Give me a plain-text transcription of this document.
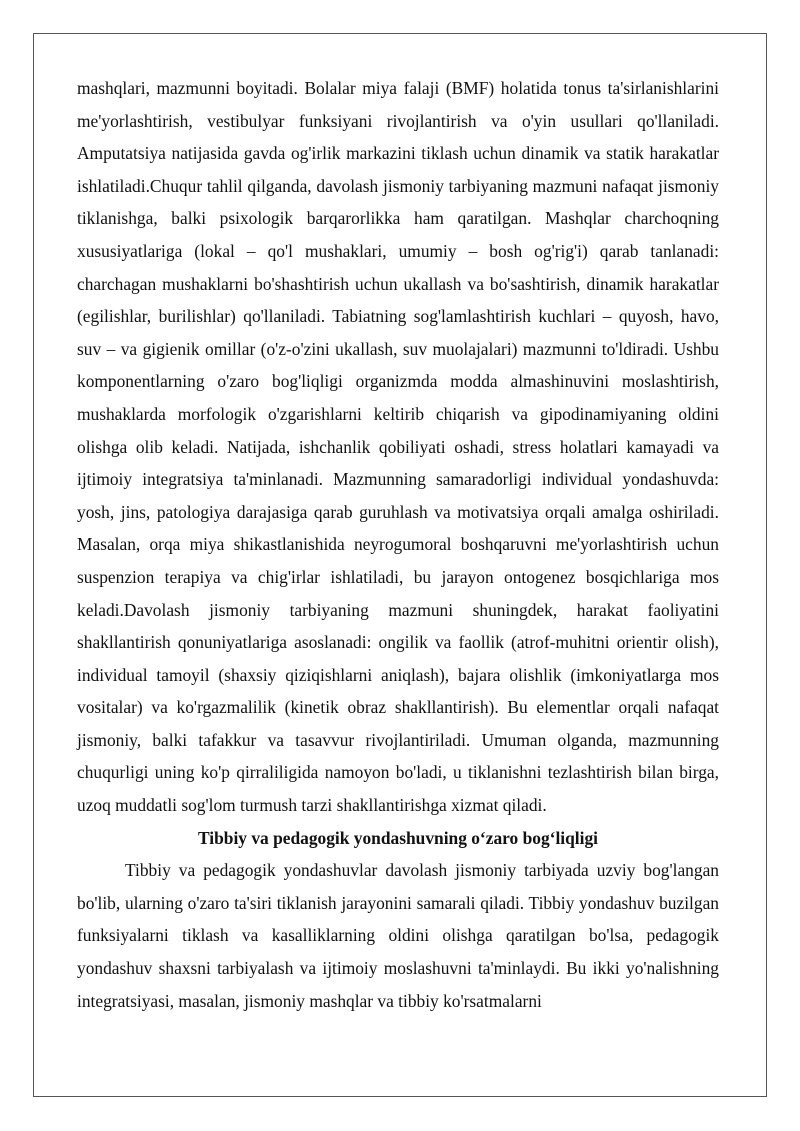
mashqlari, mazmunni boyitadi. Bolalar miya falaji (BMF) holatida tonus ta'sirlanishlarini me'yorlashtirish, vestibulyar funksiyani rivojlantirish va o'yin usullari qo'llaniladi. Amputatsiya natijasida gavda og'irlik markazini tiklash uchun dinamik va statik harakatlar ishlatiladi.Chuqur tahlil qilganda, davolash jismoniy tarbiyaning mazmuni nafaqat jismoniy tiklanishga, balki psixologik barqarorlikka ham qaratilgan. Mashqlar charchoqning xususiyatlariga (lokal – qo'l mushaklari, umumiy – bosh og'rig'i) qarab tanlanadi: charchagan mushaklarni bo'shashtirish uchun ukallash va bo'sashtirish, dinamik harakatlar (egilishlar, burilishlar) qo'llaniladi. Tabiatning sog'lamlashtirish kuchlari – quyosh, havo, suv – va gigienik omillar (o'z-o'zini ukallash, suv muolajalari) mazmunni to'ldiradi. Ushbu komponentlarning o'zaro bog'liqligi organizmda modda almashinuvini moslashtirish, mushaklarda morfologik o'zgarishlarni keltirib chiqarish va gipodinamiyaning oldini olishga olib keladi. Natijada, ishchanlik qobiliyati oshadi, stress holatlari kamayadi va ijtimoiy integratsiya ta'minlanadi. Mazmunning samaradorligi individual yondashuvda: yosh, jins, patologiya darajasiga qarab guruhlash va motivatsiya orqali amalga oshiriladi. Masalan, orqa miya shikastlanishida neyrogumoral boshqaruvni me'yorlashtirish uchun suspenzion terapiya va chig'irlar ishlatiladi, bu jarayon ontogenez bosqichlariga mos keladi.Davolash jismoniy tarbiyaning mazmuni shuningdek, harakat faoliyatini shakllantirish qonuniyatlariga asoslanadi: ongilik va faollik (atrof-muhitni orientir olish), individual tamoyil (shaxsiy qiziqishlarni aniqlash), bajara olishlik (imkoniyatlarga mos vositalar) va ko'rgazmalilik (kinetik obraz shakllantirish). Bu elementlar orqali nafaqat jismoniy, balki tafakkur va tasavvur rivojlantiriladi. Umuman olganda, mazmunning chuqurligi uning ko'p qirraliligida namoyon bo'ladi, u tiklanishni tezlashtirish bilan birga, uzoq muddatli sog'lom turmush tarzi shakllantirishga xizmat qiladi.

Tibbiy va pedagogik yondashuvning o‘zaro bog‘liqligi

Tibbiy va pedagogik yondashuvlar davolash jismoniy tarbiyada uzviy bog'langan bo'lib, ularning o'zaro ta'siri tiklanish jarayonini samarali qiladi. Tibbiy yondashuv buzilgan funksiyalarni tiklash va kasalliklarning oldini olishga qaratilgan bo'lsa, pedagogik yondashuv shaxsni tarbiyalash va ijtimoiy moslashuvni ta'minlaydi. Bu ikki yo'nalishning integratsiyasi, masalan, jismoniy mashqlar va tibbiy ko'rsatmalarni
